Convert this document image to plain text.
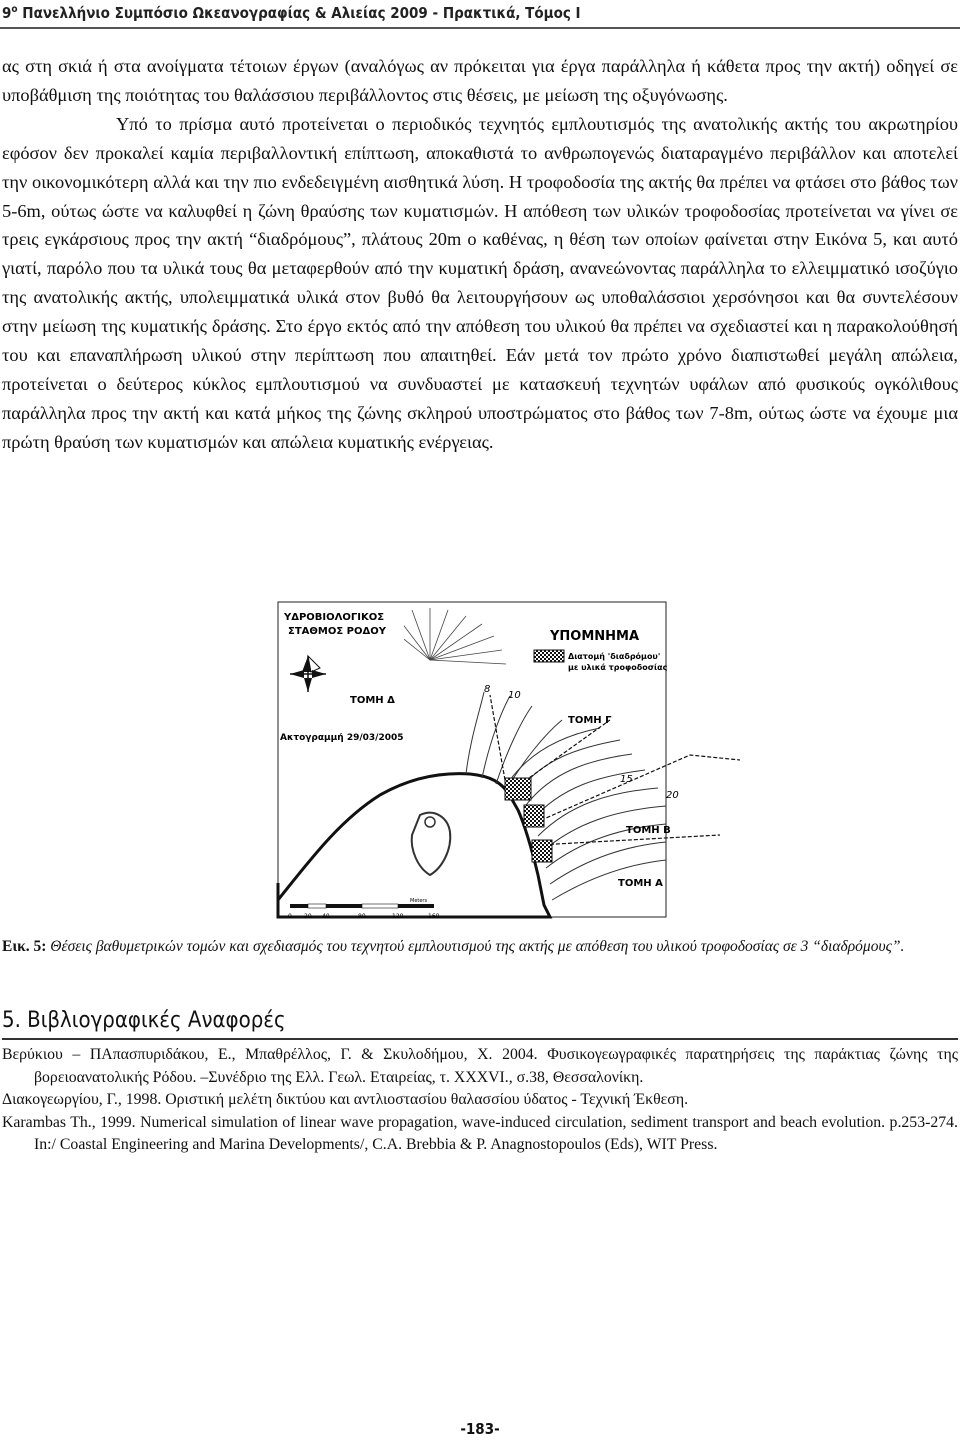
$9^o$ Πανελλήνιο Συμπόσιο Ωκεανογραφίας & Αλιείας 2009 - Πρακτικά, Τόμος Ι

ας στη σκιά ή στα ανοίγματα τέτοιων έργων (αναλόγως αν πρόκειται για έργα παράλληλα ή κάθετα προς την ακτή) οδηγεί σε υποβάθμιση της ποιότητας του θαλάσσιου περιβάλλοντος στις θέσεις, με μείωση της οξυγόνωσης.

Υπό το πρίσμα αυτό προτείνεται ο περιοδικός τεχνητός εμπλουτισμός της ανατολικής ακτής του ακρωτηρίου εφόσον δεν προκαλεί καμία περιβαλλοντική επίπτωση, αποκαθιστά το ανθρωπογενώς διαταραγμένο περιβάλλον και αποτελεί την οικονομικότερη αλλά και την πιο ενδεδειγμένη αισθητικά λύση. Η τροφοδοσία της ακτής θα πρέπει να φτάσει στο βάθος των 5-6m, ούτως ώστε να καλυφθεί η ζώνη θραύσης των κυματισμών. Η απόθεση των υλικών τροφοδοσίας προτείνεται να γίνει σε τρεις εγκάρσιους προς την ακτή “διαδρόμους”, πλάτους 20m ο καθένας, η θέση των οποίων φαίνεται στην Εικόνα 5, και αυτό γιατί, παρόλο που τα υλικά τους θα μεταφερθούν από την κυματική δράση, ανανεώνοντας παράλληλα το ελλειμματικό ισοζύγιο της ανατολικής ακτής, υπολειμματικά υλικά στον βυθό θα λειτουργήσουν ως υποθαλάσσιοι χερσόνησοι και θα συντελέσουν στην μείωση της κυματικής δράσης. Στο έργο εκτός από την απόθεση του υλικού θα πρέπει να σχεδιαστεί και η παρακολούθησή του και επαναπλήρωση υλικού στην περίπτωση που απαιτηθεί. Εάν μετά τον πρώτο χρόνο διαπιστωθεί μεγάλη απώλεια, προτείνεται ο δεύτερος κύκλος εμπλουτισμού να συνδυαστεί με κατασκευή τεχνητών υφάλων από φυσικούς ογκόλιθους παράλληλα προς την ακτή και κατά μήκος της ζώνης σκληρού υποστρώματος στο βάθος των 7-8m, ούτως ώστε να έχουμε μια πρώτη θραύση των κυματισμών και απώλεια κυματικής ενέργειας.

ΥΔΡΟΒΙΟΛΟΓΙΚΟΣ
ΣΤΑΘΜΟΣ ΡΟΔΟΥ
ΤΟΜΗ Δ
Ακτογραμμή 29/03/2005
ΤΟΜΗ Γ
ΤΟΜΗ Β
ΤΟΜΗ Α
8
10
15
20
0 20 40	80	120	160
Meters
ΥΠΟΜΝΗΜΑ
Διατομή 'διαδρόμου'
με υλικά τροφοδοσίας
Εικ. 5: Θέσεις βαθυμετρικών τομών και σχεδιασμός του τεχνητού εμπλουτισμού της ακτής με απόθεση του υλικού τροφοδοσίας σε 3 “διαδρόμους”.
5. Βιβλιογραφικές Αναφορές

Βερύκιου – ΠΑπασπυριδάκου, Ε., Μπαθρέλλος, Γ. & Σκυλοδήμου, Χ. 2004. Φυσικογεωγραφικές παρατηρήσεις της παράκτιας ζώνης της βορειοανατολικής Ρόδου. –Συνέδριο της Ελλ. Γεωλ. Εταιρείας, τ. ΧΧΧVI., σ.38, Θεσσαλονίκη.

Διακογεωργίου, Γ., 1998. Οριστική μελέτη δικτύου και αντλιοστασίου θαλασσίου ύδατος - Τεχνική Έκθεση.

Karambas Th., 1999. Numerical simulation of linear wave propagation, wave-induced circulation, sediment transport and beach evolution. p.253-274. In:/ Coastal Engineering and Marina Developments/, C.A. Brebbia & P. Anagnostopoulos (Eds), WIT Press.

-183-
